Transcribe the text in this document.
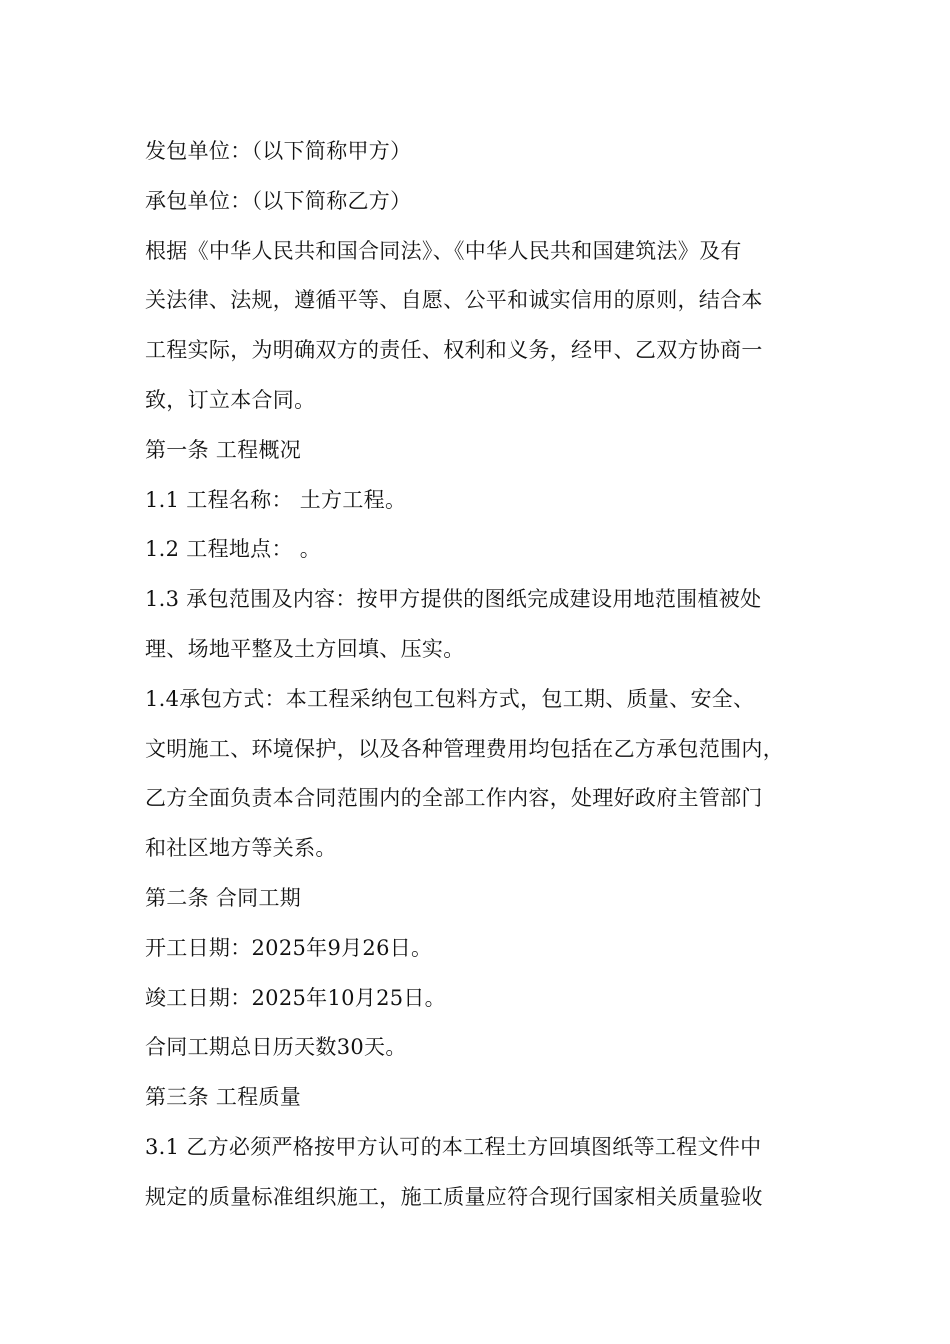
发包单位：（以下简称甲方）
承包单位：（以下简称乙方）
根据《中华人民共和国合同法》、《中华人民共和国建筑法》及有
关法律、法规，遵循平等、自愿、公平和诚实信用的原则，结合本
工程实际，为明确双方的责任、权利和义务，经甲、乙双方协商一
致，订立本合同。
第一条 工程概况
1.1 工程名称： 土方工程。
1.2 工程地点： 。
1.3 承包范围及内容：按甲方提供的图纸完成建设用地范围植被处
理、场地平整及土方回填、压实。
1.4承包方式：本工程采纳包工包料方式，包工期、质量、安全、
文明施工、环境保护，以及各种管理费用均包括在乙方承包范围内，
乙方全面负责本合同范围内的全部工作内容，处理好政府主管部门
和社区地方等关系。
第二条 合同工期
开工日期：2025年9月26日。
竣工日期：2025年10月25日。
合同工期总日历天数30天。
第三条 工程质量
3.1 乙方必须严格按甲方认可的本工程土方回填图纸等工程文件中
规定的质量标准组织施工，施工质量应符合现行国家相关质量验收
